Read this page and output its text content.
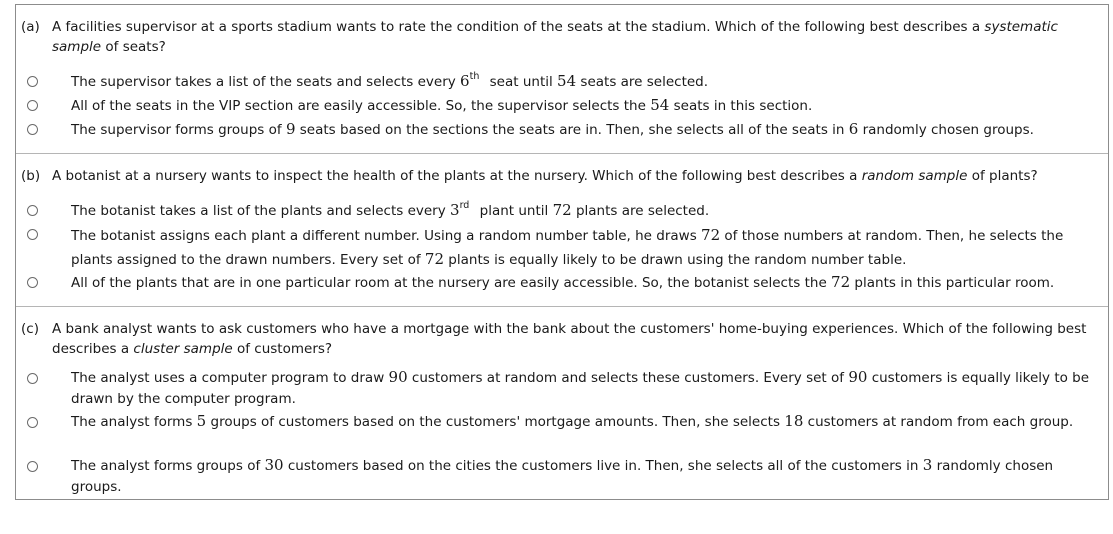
(a) A facilities supervisor at a sports stadium wants to rate the condition of the seats at the stadium. Which of the following best describes a systematic sample of seats?
The supervisor takes a list of the seats and selects every 6th seat until 54 seats are selected.
All of the seats in the VIP section are easily accessible. So, the supervisor selects the 54 seats in this section.
The supervisor forms groups of 9 seats based on the sections the seats are in. Then, she selects all of the seats in 6 randomly chosen groups.
(b) A botanist at a nursery wants to inspect the health of the plants at the nursery. Which of the following best describes a random sample of plants?
The botanist takes a list of the plants and selects every 3rd plant until 72 plants are selected.
The botanist assigns each plant a different number. Using a random number table, he draws 72 of those numbers at random. Then, he selects the plants assigned to the drawn numbers. Every set of 72 plants is equally likely to be drawn using the random number table.
All of the plants that are in one particular room at the nursery are easily accessible. So, the botanist selects the 72 plants in this particular room.
(c) A bank analyst wants to ask customers who have a mortgage with the bank about the customers' home-buying experiences. Which of the following best describes a cluster sample of customers?
The analyst uses a computer program to draw 90 customers at random and selects these customers. Every set of 90 customers is equally likely to be drawn by the computer program.
The analyst forms 5 groups of customers based on the customers' mortgage amounts. Then, she selects 18 customers at random from each group.
The analyst forms groups of 30 customers based on the cities the customers live in. Then, she selects all of the customers in 3 randomly chosen groups.
